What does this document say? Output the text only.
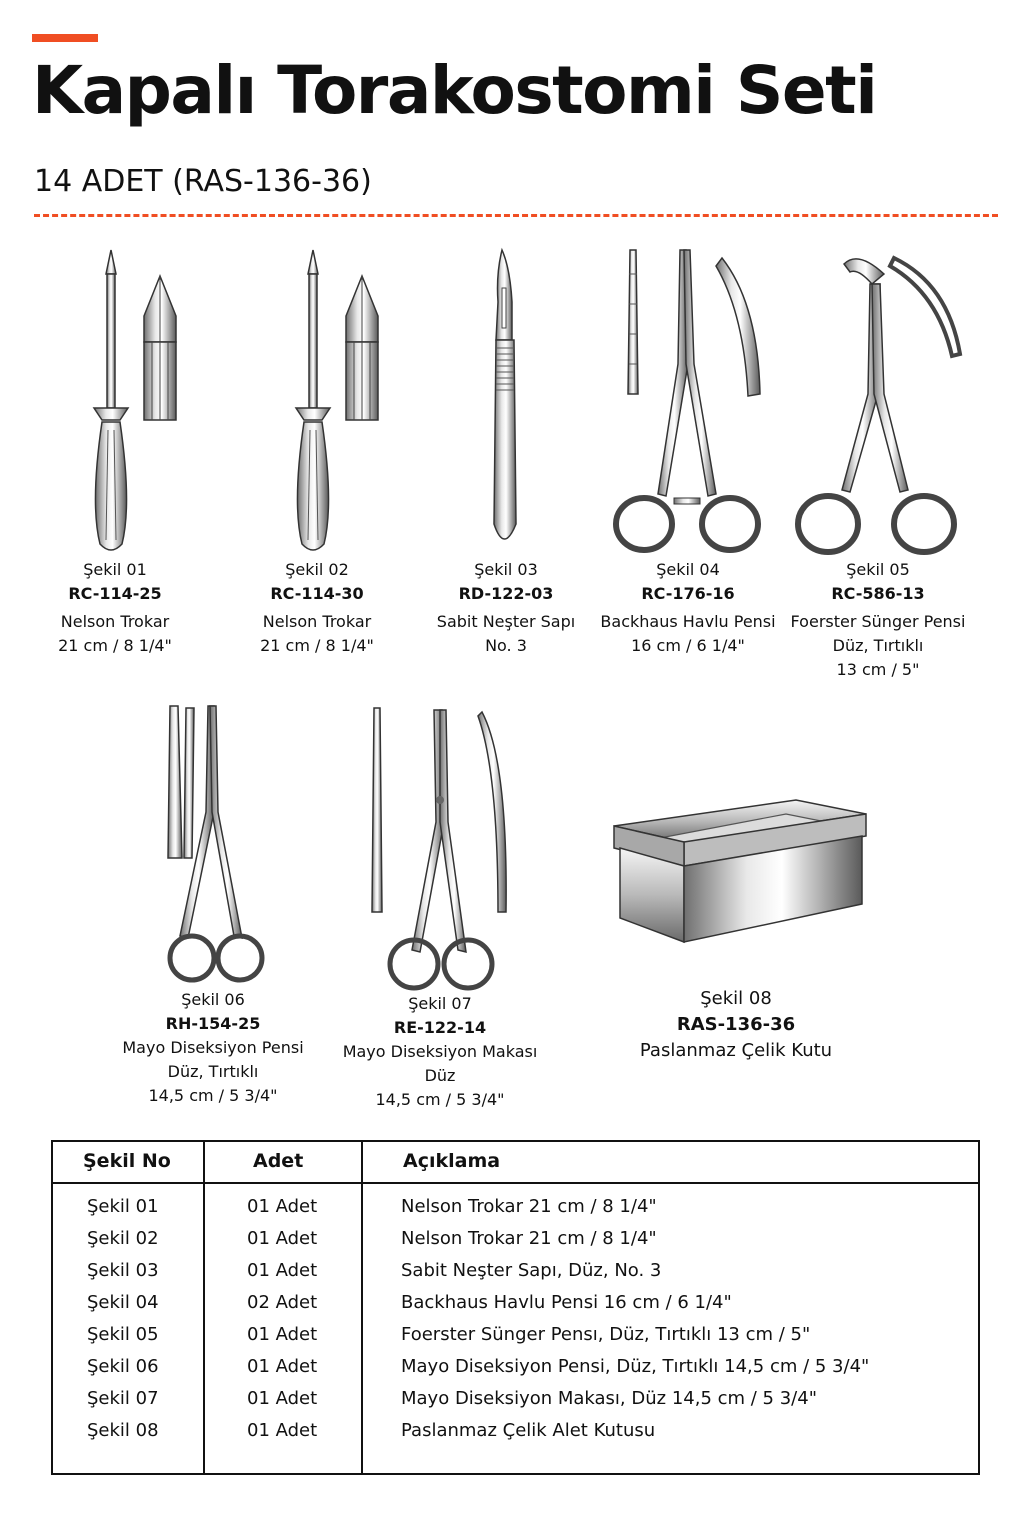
Kapalı Torakostomi Seti
14 ADET (RAS-136-36)
Şekil 01
RC-114-25
Nelson Trokar
21 cm / 8 1/4"
Şekil 02
RC-114-30
Nelson Trokar
21 cm / 8 1/4"
Şekil 03
RD-122-03
Sabit Neşter Sapı
No. 3
Şekil 04
RC-176-16
Backhaus Havlu Pensi
16 cm / 6 1/4"
Şekil 05
RC-586-13
Foerster Sünger Pensi
Düz, Tırtıklı
13 cm / 5"
Şekil 06
RH-154-25
Mayo Diseksiyon Pensi
Düz, Tırtıklı
14,5 cm / 5 3/4"
Şekil 07
RE-122-14
Mayo Diseksiyon Makası
Düz
14,5 cm / 5 3/4"
Şekil 08
RAS-136-36
Paslanmaz Çelik Kutu
Şekil No	Adet	Açıklama
Şekil 01	01 Adet	Nelson Trokar 21 cm / 8 1/4"
Şekil 02	01 Adet	Nelson Trokar 21 cm / 8 1/4"
Şekil 03	01 Adet	Sabit Neşter Sapı, Düz, No. 3
Şekil 04	02 Adet	Backhaus Havlu Pensi 16 cm / 6 1/4"
Şekil 05	01 Adet	Foerster Sünger Pensı, Düz, Tırtıklı 13 cm / 5"
Şekil 06	01 Adet	Mayo Diseksiyon Pensi, Düz, Tırtıklı 14,5 cm / 5 3/4"
Şekil 07	01 Adet	Mayo Diseksiyon Makası, Düz 14,5 cm / 5 3/4"
Şekil 08	01 Adet	Paslanmaz Çelik Alet Kutusu
